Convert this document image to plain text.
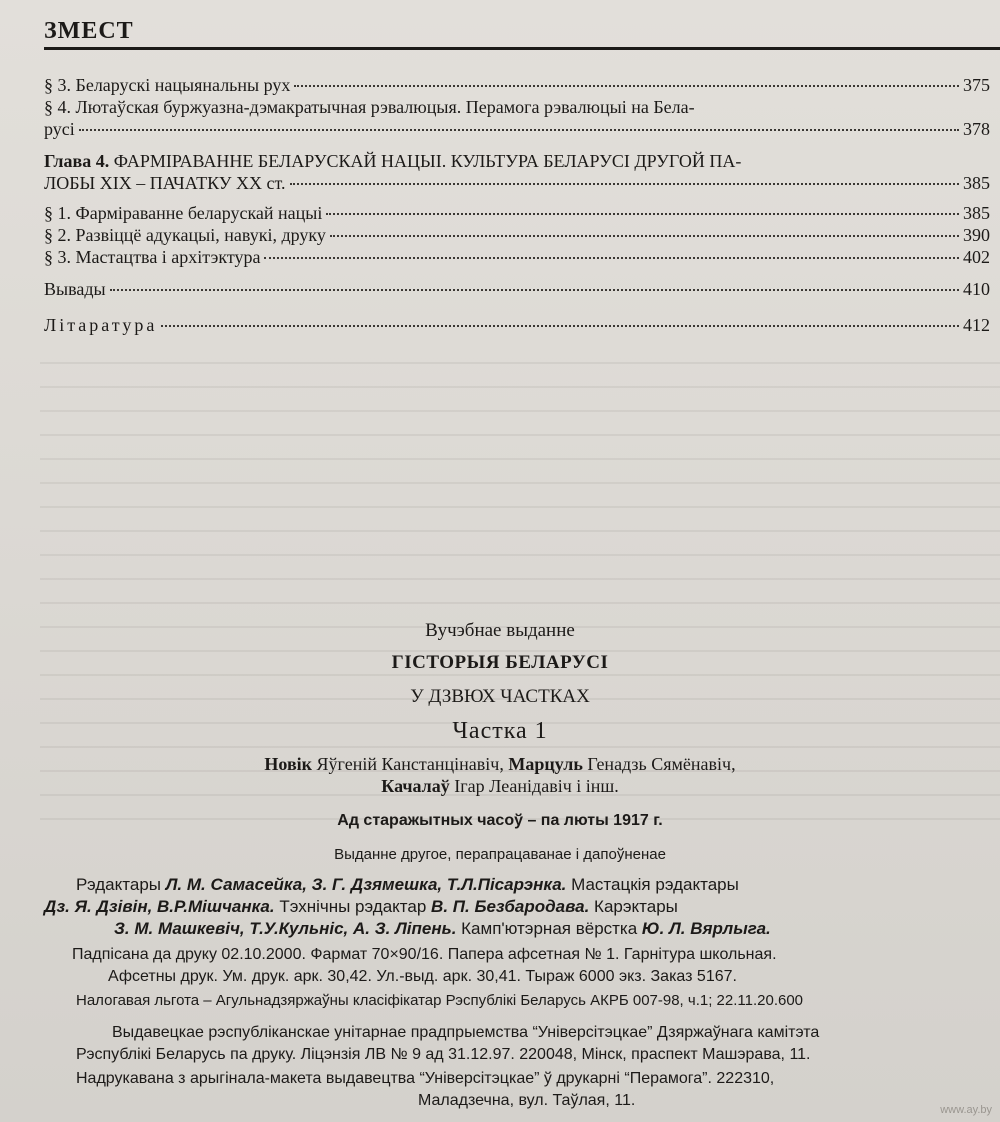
ЗМЕСТ
§ 3. Беларускі нацыянальны рух	375
§ 4. Лютаўская буржуазна-дэмакратычная рэвалюцыя. Перамога рэвалюцыі на Бела-
русі	378
Глава 4. ФАРМІРАВАННЕ БЕЛАРУСКАЙ НАЦЫІ. КУЛЬТУРА БЕЛАРУСІ ДРУГОЙ ПА-
ЛОБЫ XIX – ПАЧАТКУ XX ст.	385
§ 1. Фарміраванне беларускай нацыі	385
§ 2. Развіццё адукацыі, навукі, друку	390
§ 3. Мастацтва і архітэктура	402
Вывады	410
Літаратура	412
Вучэбнае выданне
ГІСТОРЫЯ БЕЛАРУСІ
У ДЗВЮХ ЧАСТКАХ
Частка 1
Новік Яўгеній Канстанцінавіч, Марцуль Генадзь Сямёнавіч,
Качалаў Ігар Леанідавіч і інш.
Ад старажытных часоў – па люты 1917 г.
Выданне другое, перапрацаванае і дапоўненае
Рэдактары Л. М. Самасейка, З. Г. Дзямешка, Т.Л.Пісарэнка. Мастацкія рэдактары
Дз. Я. Дзівін, В.Р.Мішчанка. Тэхнічны рэдактар В. П. Безбародава. Карэктары
З. М. Машкевіч, Т.У.Кульніс, А. З. Ліпень. Камп'ютэрная вёрстка Ю. Л. Вярлыга.
Падпісана да друку 02.10.2000. Фармат 70×90/16. Папера афсетная № 1. Гарнітура школьная.
Афсетны друк. Ум. друк. арк. 30,42. Ул.-выд. арк. 30,41. Тыраж 6000 экз. Заказ 5167.
Налогавая льгота – Агульнадзяржаўны класіфікатар Рэспублікі Беларусь АКРБ 007-98, ч.1; 22.11.20.600
Выдавецкае рэспубліканскае унітарнае прадпрыемства “Універсітэцкае” Дзяржаўнага камітэта
Рэспублікі Беларусь па друку. Ліцэнзія ЛВ № 9 ад 31.12.97. 220048, Мінск, праспект Машэрава, 11.
Надрукавана з арыгінала-макета выдавецтва “Універсітэцкае” ў друкарні “Перамога”. 222310,
Маладзечна, вул. Таўлая, 11.
www.ay.by
